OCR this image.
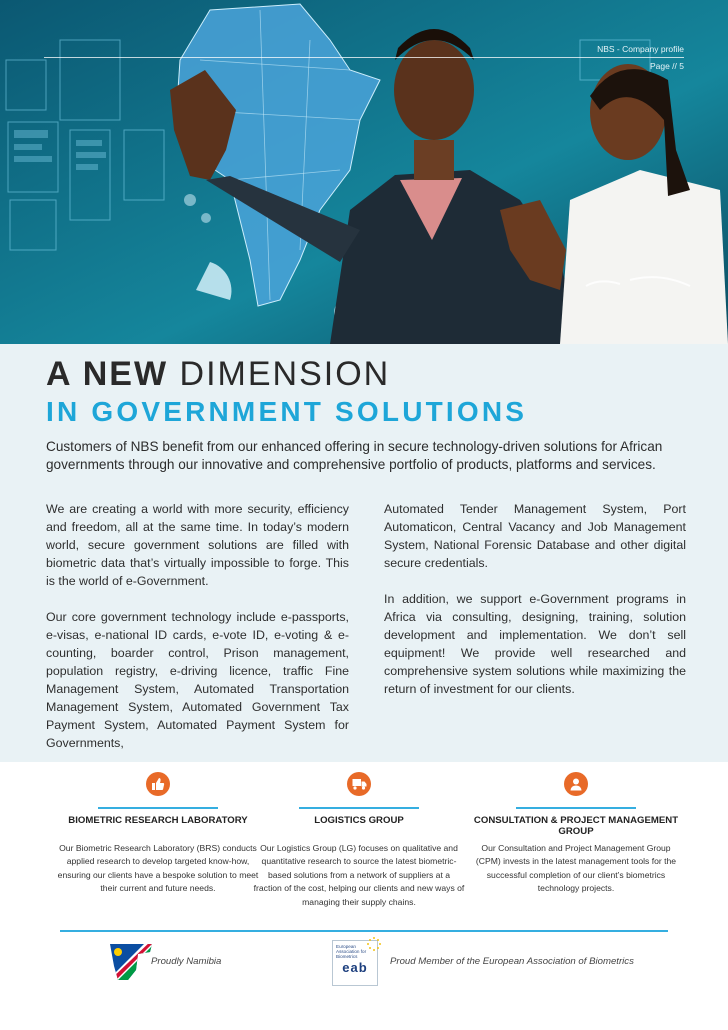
NBS - Company profile
Page // 5
A NEW DIMENSION
IN GOVERNMENT SOLUTIONS
Customers of NBS benefit from our enhanced offering in secure technology-driven solutions for African governments through our innovative and comprehensive portfolio of products, platforms and services.

We are creating a world with more security, efficiency and freedom, all at the same time. In today’s modern world, secure government solutions are filled with biometric data that’s virtually impossible to forge. This is the world of e-Government.

Our core government technology include e-passports, e-visas, e-national ID cards, e-vote ID, e-voting & e-counting, boarder control, Prison management, population registry, e-driving licence, traffic Fine Management System, Automated Transportation Management System, Automated Government Tax Payment System, Automated Payment System for Governments,

Automated Tender Management System, Port Automaticon, Central Vacancy and Job Management System, National Forensic Database and other digital secure credentials.

In addition, we support e-Government programs in Africa via consulting, designing, training, solution development and implementation. We don’t sell equipment! We provide well researched and comprehensive system solutions while maximizing the return of investment for our clients.

BIOMETRIC RESEARCH LABORATORY
Our Biometric Research Laboratory (BRS) conducts applied research to develop targeted know-how, ensuring our clients have a bespoke solution to meet their current and future needs.
LOGISTICS GROUP
Our Logistics Group (LG) focuses on qualitative and quantitative research to source the latest biometric-based solutions from a network of suppliers at a fraction of the cost, helping our clients and new ways of managing their supply chains.
CONSULTATION & PROJECT MANAGEMENT GROUP
Our Consultation and Project Management Group (CPM) invests in the latest management tools for the successful completion of our client’s biometrics technology projects.
Proudly Namibia
European Association for Biometrics
eab	Proud Member of the European Association of Biometrics
